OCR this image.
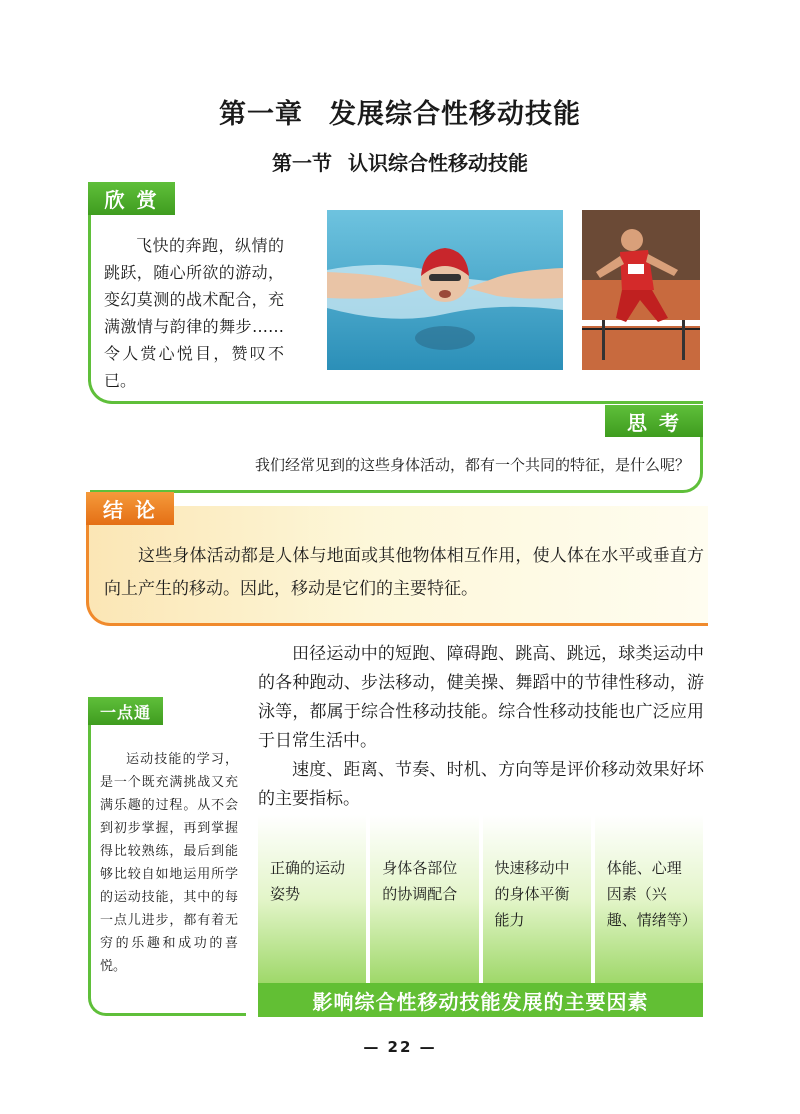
第一章 发展综合性移动技能
第一节 认识综合性移动技能
欣赏
飞快的奔跑，纵情的跳跃，随心所欲的游动，变幻莫测的战术配合，充满激情与韵律的舞步……令人赏心悦目，赞叹不已。
思考
我们经常见到的这些身体活动，都有一个共同的特征，是什么呢？
结论
这些身体活动都是人体与地面或其他物体相互作用，使人体在水平或垂直方向上产生的移动。因此，移动是它们的主要特征。

田径运动中的短跑、障碍跑、跳高、跳远，球类运动中的各种跑动、步法移动，健美操、舞蹈中的节律性移动，游泳等，都属于综合性移动技能。综合性移动技能也广泛应用于日常生活中。

速度、距离、节奏、时机、方向等是评价移动效果好坏的主要指标。

一点通
运动技能的学习，是一个既充满挑战又充满乐趣的过程。从不会到初步掌握，再到掌握得比较熟练，最后到能够比较自如地运用所学的运动技能，其中的每一点儿进步，都有着无穷的乐趣和成功的喜悦。
正确的运动姿势
身体各部位的协调配合
快速移动中的身体平衡能力
体能、心理因素（兴趣、情绪等）
影响综合性移动技能发展的主要因素
— 22 —
